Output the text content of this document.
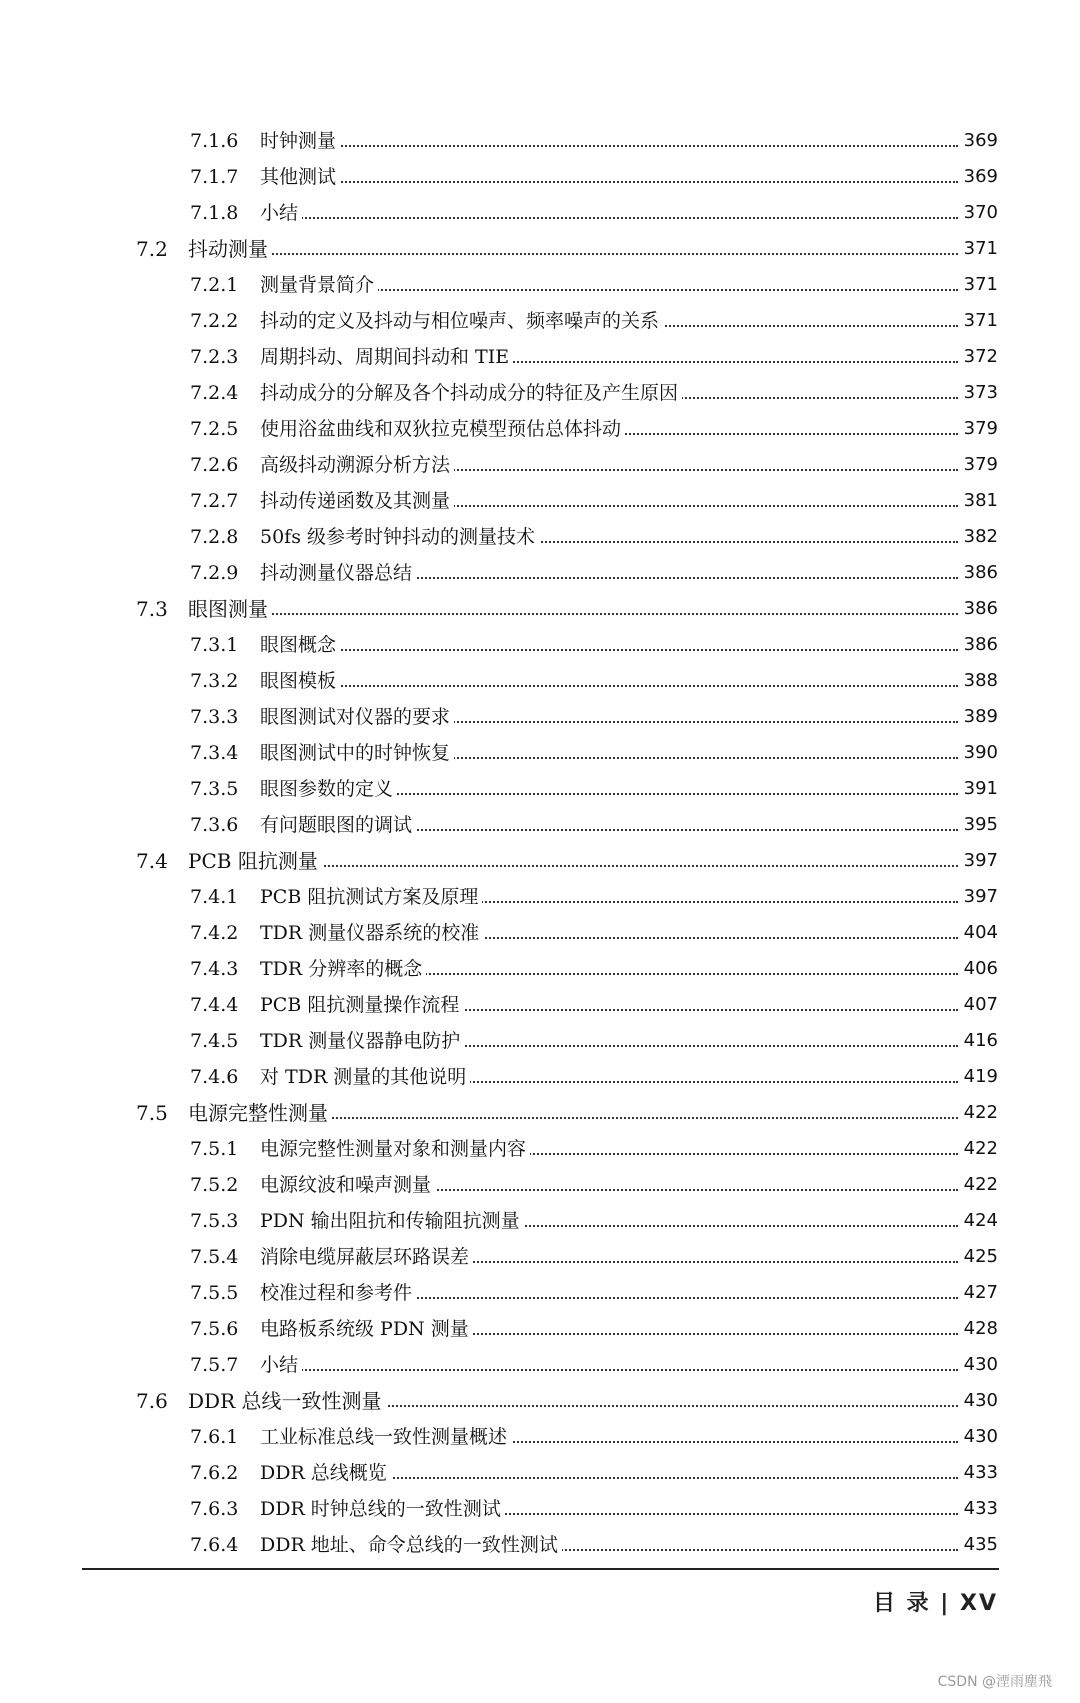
7.1.6	时钟测量	369
7.1.7	其他测试	369
7.1.8	小结	370
7.2	抖动测量	371
7.2.1	测量背景简介	371
7.2.2	抖动的定义及抖动与相位噪声、频率噪声的关系	371
7.2.3	周期抖动、周期间抖动和 TIE	372
7.2.4	抖动成分的分解及各个抖动成分的特征及产生原因	373
7.2.5	使用浴盆曲线和双狄拉克模型预估总体抖动	379
7.2.6	高级抖动溯源分析方法	379
7.2.7	抖动传递函数及其测量	381
7.2.8	50fs 级参考时钟抖动的测量技术	382
7.2.9	抖动测量仪器总结	386
7.3	眼图测量	386
7.3.1	眼图概念	386
7.3.2	眼图模板	388
7.3.3	眼图测试对仪器的要求	389
7.3.4	眼图测试中的时钟恢复	390
7.3.5	眼图参数的定义	391
7.3.6	有问题眼图的调试	395
7.4	PCB 阻抗测量	397
7.4.1	PCB 阻抗测试方案及原理	397
7.4.2	TDR 测量仪器系统的校准	404
7.4.3	TDR 分辨率的概念	406
7.4.4	PCB 阻抗测量操作流程	407
7.4.5	TDR 测量仪器静电防护	416
7.4.6	对 TDR 测量的其他说明	419
7.5	电源完整性测量	422
7.5.1	电源完整性测量对象和测量内容	422
7.5.2	电源纹波和噪声测量	422
7.5.3	PDN 输出阻抗和传输阻抗测量	424
7.5.4	消除电缆屏蔽层环路误差	425
7.5.5	校准过程和参考件	427
7.5.6	电路板系统级 PDN 测量	428
7.5.7	小结	430
7.6	DDR 总线一致性测量	430
7.6.1	工业标准总线一致性测量概述	430
7.6.2	DDR 总线概览	433
7.6.3	DDR 时钟总线的一致性测试	433
7.6.4	DDR 地址、命令总线的一致性测试	435
目 录 | XV
CSDN @湮雨塵飛
